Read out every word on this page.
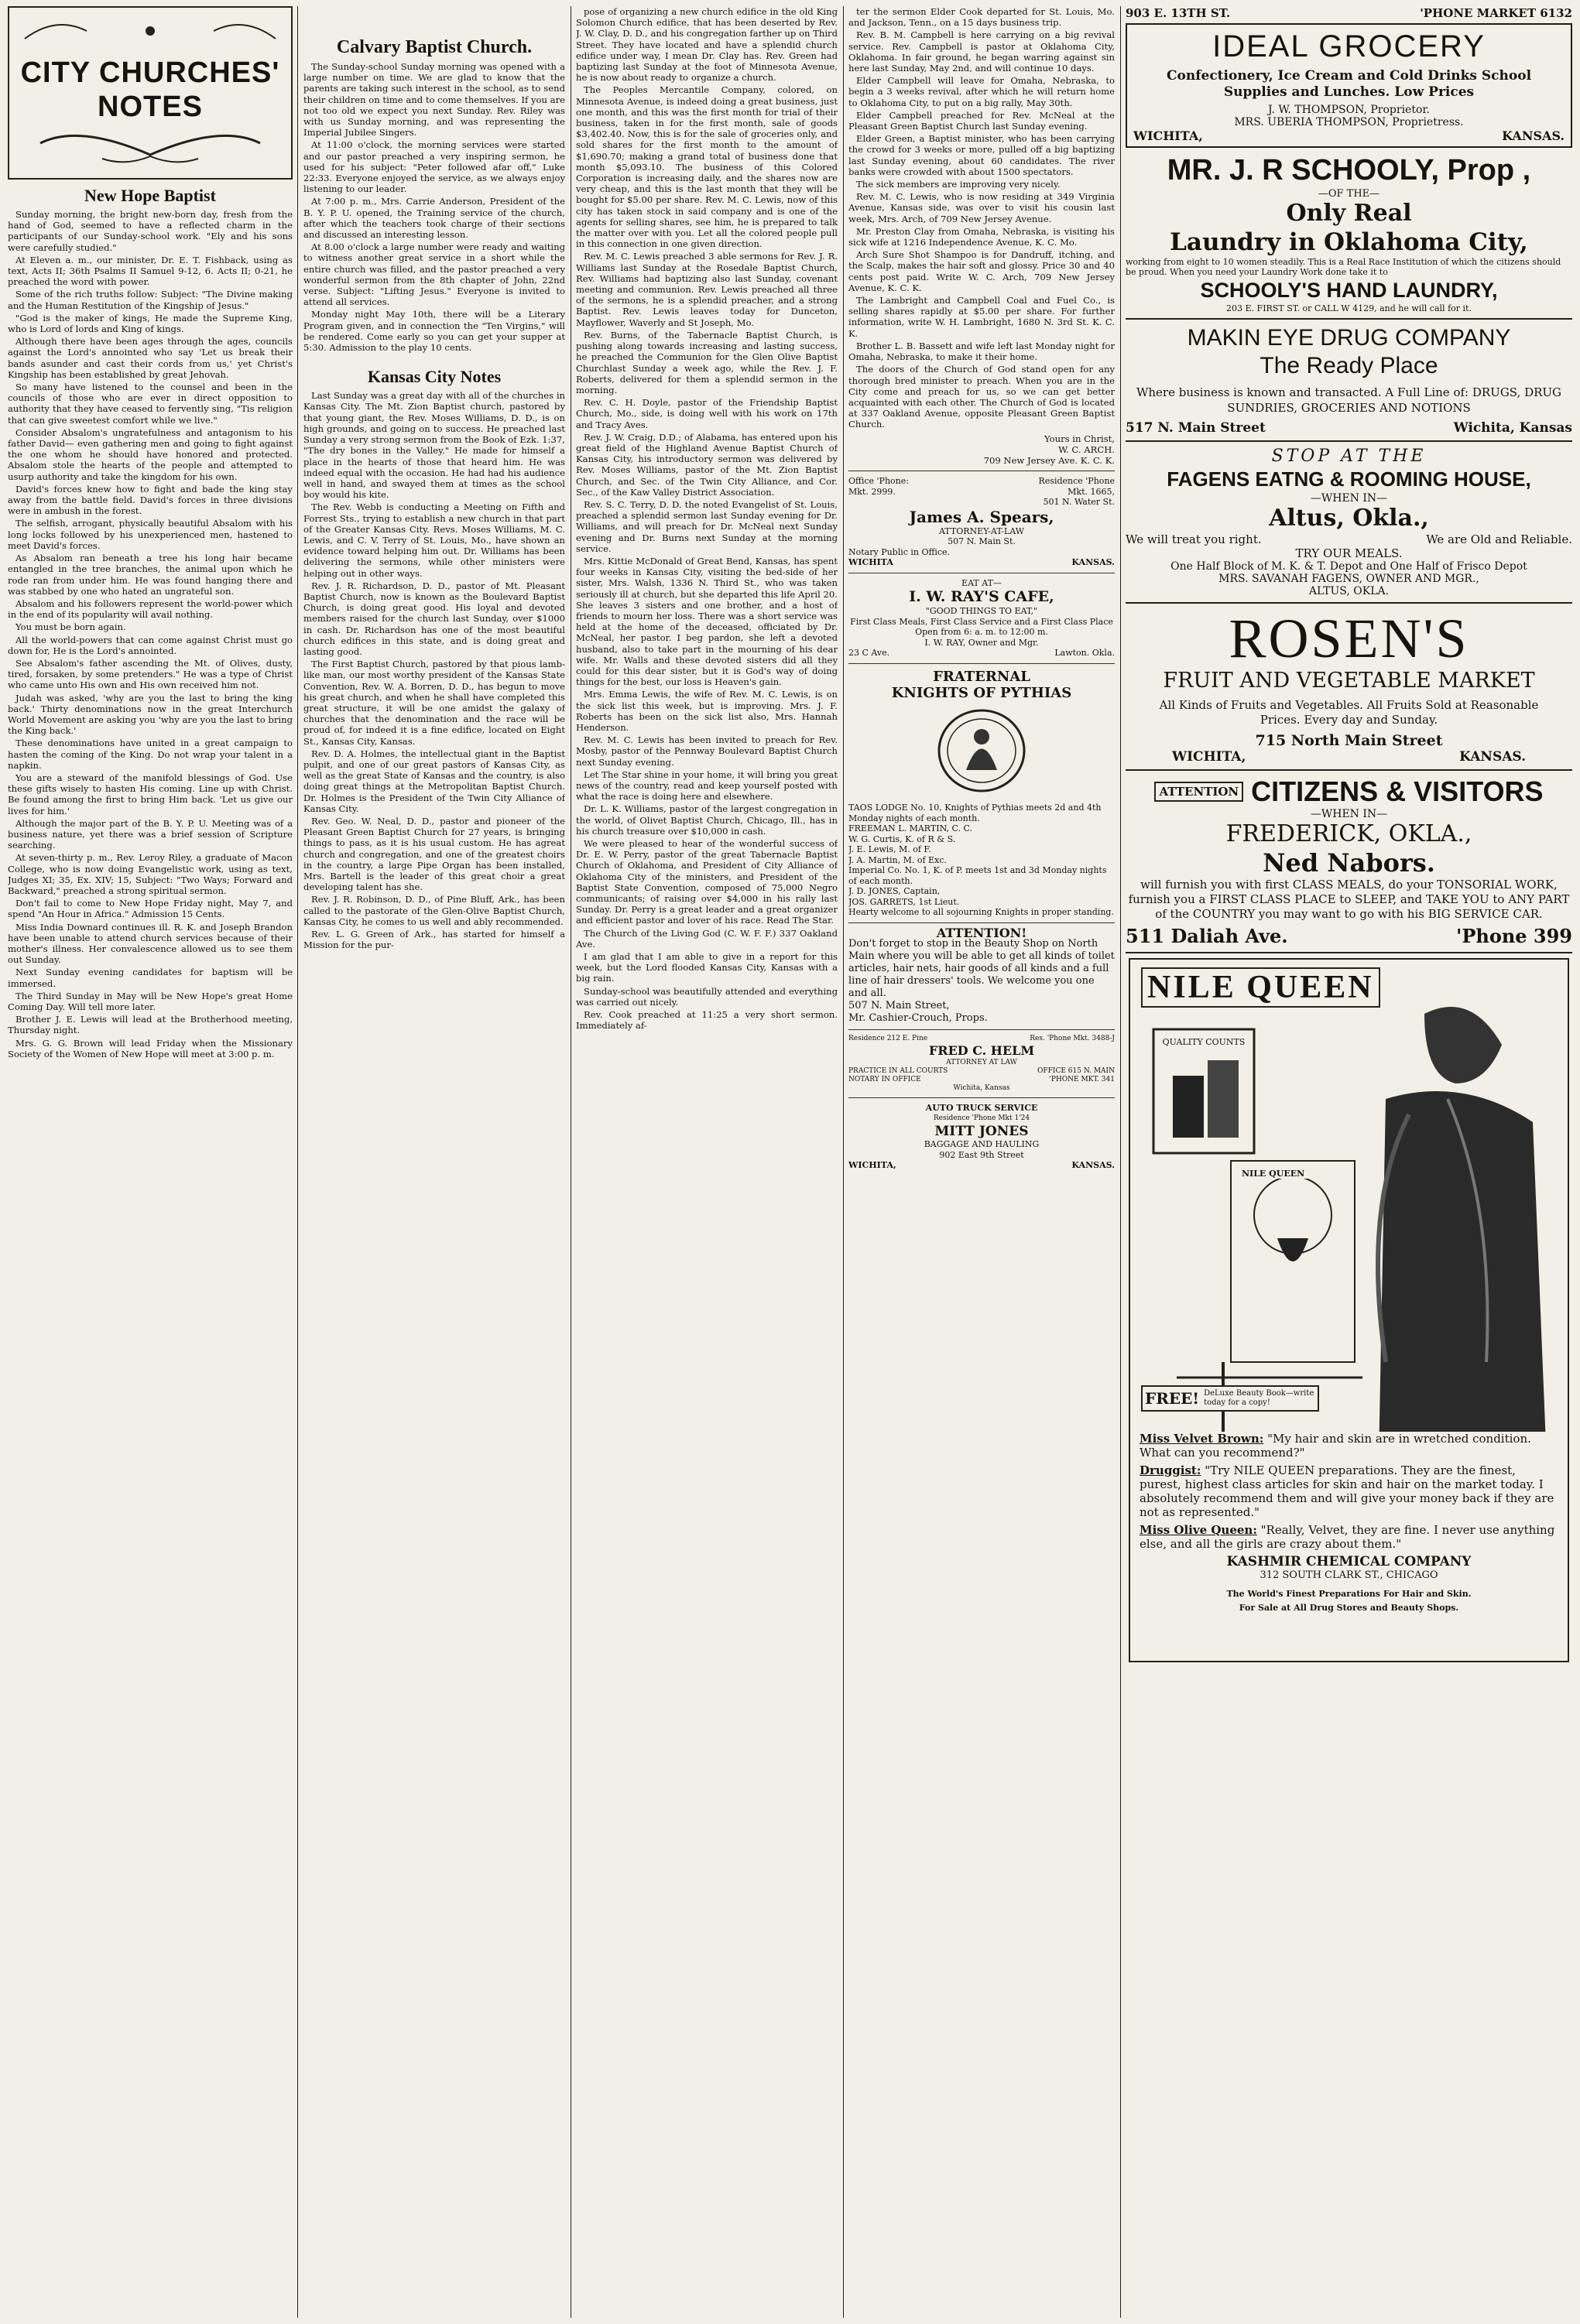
CITY CHURCHES' NOTES
New Hope Baptist

Sunday morning, the bright new-born day, fresh from the hand of God, seemed to have a reflected charm in the participants of our Sunday-school work. "Ely and his sons were carefully studied."

At Eleven a. m., our minister, Dr. E. T. Fishback, using as text, Acts II; 36th Psalms II Samuel 9-12, 6. Acts II; 0-21, he preached the word with power.

Some of the rich truths follow: Subject: "The Divine making and the Human Restitution of the Kingship of Jesus."

"God is the maker of kings, He made the Supreme King, who is Lord of lords and King of kings.

Although there have been ages through the ages, councils against the Lord's annointed who say 'Let us break their bands asunder and cast their cords from us,' yet Christ's Kingship has been established by great Jehovah.

So many have listened to the counsel and been in the councils of those who are ever in direct opposition to authority that they have ceased to fervently sing, "Tis religion that can give sweetest comfort while we live."

Consider Absalom's ungratefulness and antagonism to his father David— even gathering men and going to fight against the one whom he should have honored and protected. Absalom stole the hearts of the people and attempted to usurp authority and take the kingdom for his own.

David's forces knew how to fight and bade the king stay away from the battle field. David's forces in three divisions were in ambush in the forest.

The selfish, arrogant, physically beautiful Absalom with his long locks followed by his unexperienced men, hastened to meet David's forces.

As Absalom ran beneath a tree his long hair became entangled in the tree branches, the animal upon which he rode ran from under him. He was found hanging there and was stabbed by one who hated an ungrateful son.

Absalom and his followers represent the world-power which in the end of its popularity will avail nothing.

You must be born again.

All the world-powers that can come against Christ must go down for, He is the Lord's annointed.

See Absalom's father ascending the Mt. of Olives, dusty, tired, forsaken, by some pretenders." He was a type of Christ who came unto His own and His own received him not.

Judah was asked, 'why are you the last to bring the king back.' Thirty denominations now in the great Interchurch World Movement are asking you 'why are you the last to bring the King back.'

These denominations have united in a great campaign to hasten the coming of the King. Do not wrap your talent in a napkin.

You are a steward of the manifold blessings of God. Use these gifts wisely to hasten His coming. Line up with Christ. Be found among the first to bring Him back. 'Let us give our lives for him.'

Although the major part of the B. Y. P. U. Meeting was of a business nature, yet there was a brief session of Scripture searching.

At seven-thirty p. m., Rev. Leroy Riley, a graduate of Macon College, who is now doing Evangelistic work, using as text, Judges XI; 35, Ex. XIV; 15, Subject: "Two Ways; Forward and Backward," preached a strong spiritual sermon.

Don't fail to come to New Hope Friday night, May 7, and spend "An Hour in Africa." Admission 15 Cents.

Miss India Downard continues ill. R. K. and Joseph Brandon have been unable to attend church services because of their mother's illness. Her convalescence allowed us to see them out Sunday.

Next Sunday evening candidates for baptism will be immersed.

The Third Sunday in May will be New Hope's great Home Coming Day. Will tell more later.

Brother J. E. Lewis will lead at the Brotherhood meeting, Thursday night.

Mrs. G. G. Brown will lead Friday when the Missionary Society of the Women of New Hope will meet at 3:00 p. m.

Calvary Baptist Church.

The Sunday-school Sunday morning was opened with a large number on time. We are glad to know that the parents are taking such interest in the school, as to send their children on time and to come themselves. If you are not too old we expect you next Sunday. Rev. Riley was with us Sunday morning, and was representing the Imperial Jubilee Singers.

At 11:00 o'clock, the morning services were started and our pastor preached a very inspiring sermon, he used for his subject: "Peter followed afar off," Luke 22:33. Everyone enjoyed the service, as we always enjoy listening to our leader.

At 7:00 p. m., Mrs. Carrie Anderson, President of the B. Y. P. U. opened, the Training service of the church, after which the teachers took charge of their sections and discussed an interesting lesson.

At 8.00 o'clock a large number were ready and waiting to witness another great service in a short while the entire church was filled, and the pastor preached a very wonderful sermon from the 8th chapter of John, 22nd verse. Subject: "Lifting Jesus." Everyone is invited to attend all services.

Monday night May 10th, there will be a Literary Program given, and in connection the "Ten Virgins," will be rendered. Come early so you can get your supper at 5:30. Admission to the play 10 cents.

Kansas City Notes

Last Sunday was a great day with all of the churches in Kansas City. The Mt. Zion Baptist church, pastored by that young giant, the Rev. Moses Williams, D. D., is on high grounds, and going on to success. He preached last Sunday a very strong sermon from the Book of Ezk. 1:37, "The dry bones in the Valley." He made for himself a place in the hearts of those that heard him. He was indeed equal with the occasion. He had had his audience well in hand, and swayed them at times as the school boy would his kite.

The Rev. Webb is conducting a Meeting on Fifth and Forrest Sts., trying to establish a new church in that part of the Greater Kansas City. Revs. Moses Williams, M. C. Lewis, and C. V. Terry of St. Louis, Mo., have shown an evidence toward helping him out. Dr. Williams has been delivering the sermons, while other ministers were helping out in other ways.

Rev. J. R. Richardson, D. D., pastor of Mt. Pleasant Baptist Church, now is known as the Boulevard Baptist Church, is doing great good. His loyal and devoted members raised for the church last Sunday, over $1000 in cash. Dr. Richardson has one of the most beautiful church edifices in this state, and is doing great and lasting good.

The First Baptist Church, pastored by that pious lamb-like man, our most worthy president of the Kansas State Convention, Rev. W. A. Borren, D. D., has begun to move his great church, and when he shall have completed this great structure, it will be one amidst the galaxy of churches that the denomination and the race will be proud of, for indeed it is a fine edifice, located on Eight St., Kansas City, Kansas.

Rev. D. A. Holmes, the intellectual giant in the Baptist pulpit, and one of our great pastors of Kansas City, as well as the great State of Kansas and the country, is also doing great things at the Metropolitan Baptist Church. Dr. Holmes is the President of the Twin City Alliance of Kansas City.

Rev. Geo. W. Neal, D. D., pastor and pioneer of the Pleasant Green Baptist Church for 27 years, is bringing things to pass, as it is his usual custom. He has agreat church and congregation, and one of the greatest choirs in the country, a large Pipe Organ has been installed, Mrs. Bartell is the leader of this great choir a great developing talent has she.

Rev. J. R. Robinson, D. D., of Pine Bluff, Ark., has been called to the pastorate of the Glen-Olive Baptist Church, Kansas City, he comes to us well and ably recommended.

Rev. L. G. Green of Ark., has started for himself a Mission for the pur-

pose of organizing a new church edifice in the old King Solomon Church edifice, that has been deserted by Rev. J. W. Clay, D. D., and his congregation farther up on Third Street. They have located and have a splendid church edifice under way, I mean Dr. Clay has. Rev. Green had baptizing last Sunday at the foot of Minnesota Avenue, he is now about ready to organize a church.

The Peoples Mercantile Company, colored, on Minnesota Avenue, is indeed doing a great business, just one month, and this was the first month for trial of their business, taken in for the first month, sale of goods $3,402.40. Now, this is for the sale of groceries only, and sold shares for the first month to the amount of $1,690.70; making a grand total of business done that month $5,093.10. The business of this Colored Corporation is increasing daily, and the shares now are very cheap, and this is the last month that they will be bought for $5.00 per share. Rev. M. C. Lewis, now of this city has taken stock in said company and is one of the agents for selling shares, see him, he is prepared to talk the matter over with you. Let all the colored people pull in this connection in one given direction.

Rev. M. C. Lewis preached 3 able sermons for Rev. J. R. Williams last Sunday at the Rosedale Baptist Church, Rev. Williams had baptizing also last Sunday, covenant meeting and communion. Rev. Lewis preached all three of the sermons, he is a splendid preacher, and a strong Baptist. Rev. Lewis leaves today for Dunceton, Mayflower, Waverly and St Joseph, Mo.

Rev. Burns, of the Tabernacle Baptist Church, is pushing along towards increasing and lasting success, he preached the Communion for the Glen Olive Baptist Churchlast Sunday a week ago, while the Rev. J. F. Roberts, delivered for them a splendid sermon in the morning.

Rev. C. H. Doyle, pastor of the Friendship Baptist Church, Mo., side, is doing well with his work on 17th and Tracy Aves.

Rev. J. W. Craig, D.D.; of Alabama, has entered upon his great field of the Highland Avenue Baptist Church of Kansas City, his introductory sermon was delivered by Rev. Moses Williams, pastor of the Mt. Zion Baptist Church, and Sec. of the Twin City Alliance, and Cor. Sec., of the Kaw Valley District Association.

Rev. S. C. Terry, D. D. the noted Evangelist of St. Louis, preached a splendid sermon last Sunday evening for Dr. Williams, and will preach for Dr. McNeal next Sunday evening and Dr. Burns next Sunday at the morning service.

Mrs. Kittie McDonald of Great Bend, Kansas, has spent four weeks in Kansas City, visiting the bed-side of her sister, Mrs. Walsh, 1336 N. Third St., who was taken seriously ill at church, but she departed this life April 20. She leaves 3 sisters and one brother, and a host of friends to mourn her loss. There was a short service was held at the home of the deceased, officiated by Dr. McNeal, her pastor. I beg pardon, she left a devoted husband, also to take part in the mourning of his dear wife. Mr. Walls and these devoted sisters did all they could for this dear sister, but it is God's way of doing things for the best, our loss is Heaven's gain.

Mrs. Emma Lewis, the wife of Rev. M. C. Lewis, is on the sick list this week, but is improving. Mrs. J. F. Roberts has been on the sick list also, Mrs. Hannah Henderson.

Rev. M. C. Lewis has been invited to preach for Rev. Mosby, pastor of the Pennway Boulevard Baptist Church next Sunday evening.

Let The Star shine in your home, it will bring you great news of the country, read and keep yourself posted with what the race is doing here and elsewhere.

Dr. L. K. Williams, pastor of the largest congregation in the world, of Olivet Baptist Church, Chicago, Ill., has in his church treasure over $10,000 in cash.

We were pleased to hear of the wonderful success of Dr. E. W. Perry, pastor of the great Tabernacle Baptist Church of Oklahoma, and President of City Alliance of Oklahoma City of the ministers, and President of the Baptist State Convention, composed of 75,000 Negro communicants; of raising over $4,000 in his rally last Sunday. Dr. Perry is a great leader and a great organizer and efficient pastor and lover of his race. Read The Star.

The Church of the Living God (C. W. F. F.) 337 Oakland Ave.

I am glad that I am able to give in a report for this week, but the Lord flooded Kansas City, Kansas with a big rain.

Sunday-school was beautifully attended and everything was carried out nicely.

Rev. Cook preached at 11:25 a very short sermon. Immediately af-

ter the sermon Elder Cook departed for St. Louis, Mo. and Jackson, Tenn., on a 15 days business trip.

Rev. B. M. Campbell is here carrying on a big revival service. Rev. Campbell is pastor at Oklahoma City, Oklahoma. In fair ground, he began warring against sin here last Sunday, May 2nd, and will continue 10 days.

Elder Campbell will leave for Omaha, Nebraska, to begin a 3 weeks revival, after which he will return home to Oklahoma City, to put on a big rally, May 30th.

Elder Campbell preached for Rev. McNeal at the Pleasant Green Baptist Church last Sunday evening.

Elder Green, a Baptist minister, who has been carrying the crowd for 3 weeks or more, pulled off a big baptizing last Sunday evening, about 60 candidates. The river banks were crowded with about 1500 spectators.

The sick members are improving very nicely.

Rev. M. C. Lewis, who is now residing at 349 Virginia Avenue, Kansas side, was over to visit his cousin last week, Mrs. Arch, of 709 New Jersey Avenue.

Mr. Preston Clay from Omaha, Nebraska, is visiting his sick wife at 1216 Independence Avenue, K. C. Mo.

Arch Sure Shot Shampoo is for Dandruff, itching, and the Scalp, makes the hair soft and glossy. Price 30 and 40 cents post paid. Write W. C. Arch, 709 New Jersey Avenue, K. C. K.

The Lambright and Campbell Coal and Fuel Co., is selling shares rapidly at $5.00 per share. For further information, write W. H. Lambright, 1680 N. 3rd St. K. C. K.

Brother L. B. Bassett and wife left last Monday night for Omaha, Nebraska, to make it their home.

The doors of the Church of God stand open for any thorough bred minister to preach. When you are in the City come and preach for us, so we can get better acquainted with each other. The Church of God is located at 337 Oakland Avenue, opposite Pleasant Green Baptist Church.

Yours in Christ,
W. C. ARCH.
709 New Jersey Ave. K. C. K.
Office 'Phone:
Mkt. 2999.
Residence 'Phone
Mkt. 1665,
501 N. Water St.
James A. Spears,
ATTORNEY-AT-LAW
507 N. Main St.
Notary Public in Office.
WICHITA	KANSAS.
EAT AT—
I. W. RAY'S CAFE,
"GOOD THINGS TO EAT,"
First Class Meals, First Class Service and a First Class Place Open from 6: a. m. to 12:00 m.
I. W. RAY, Owner and Mgr.
23 C Ave.	Lawton. Okla.
FRATERNAL
KNIGHTS OF PYTHIAS
TAOS LODGE No. 10, Knights of Pythias meets 2d and 4th Monday nights of each month.
FREEMAN L. MARTIN, C. C.
W. G. Curtis, K. of R & S.
J. E. Lewis, M. of F.
J. A. Martin, M. of Exc.
Imperial Co. No. 1, K. of P. meets 1st and 3d Monday nights of each month.
J. D. JONES, Captain,
JOS. GARRETS, 1st Lieut.
Hearty welcome to all sojourning Knights in proper standing.
ATTENTION!
Don't forget to stop in the Beauty Shop on North Main where you will be able to get all kinds of toilet articles, hair nets, hair goods of all kinds and a full line of hair dressers' tools. We welcome you one and all.
507 N. Main Street,
Mr. Cashier-Crouch, Props.
Residence 212 E. Pine	Res. 'Phone Mkt. 3488-J
FRED C. HELM
ATTORNEY AT LAW
PRACTICE IN ALL COURTS
NOTARY IN OFFICE
OFFICE 615 N. MAIN
'PHONE MKT. 341
Wichita, Kansas
AUTO TRUCK SERVICE
Residence 'Phone Mkt 1'24
MITT JONES
BAGGAGE AND HAULING
902 East 9th Street
WICHITA,	KANSAS.
903 E. 13TH ST.	'PHONE MARKET 6132
IDEAL GROCERY
Confectionery, Ice Cream and Cold Drinks School Supplies and Lunches. Low Prices
J. W. THOMPSON, Proprietor.
MRS. UBERIA THOMPSON, Proprietress.
WICHITA,	KANSAS.
MR. J. R SCHOOLY, Prop ,
—OF THE—
Only Real
Laundry in Oklahoma City,
working from eight to 10 women steadily. This is a Real Race Institution of which the citizens should be proud. When you need your Laundry Work done take it to
SCHOOLY'S HAND LAUNDRY,
203 E. FIRST ST. or CALL W 4129, and he will call for it.
MAKIN EYE DRUG COMPANY
The Ready Place
Where business is known and transacted. A Full Line of: DRUGS, DRUG SUNDRIES, GROCERIES AND NOTIONS
517 N. Main Street	Wichita, Kansas
STOP AT THE
FAGENS EATNG & ROOMING HOUSE,
—WHEN IN—
Altus, Okla.,
We will treat you right.	We are Old and Reliable.
TRY OUR MEALS.
One Half Block of M. K. & T. Depot and One Half of Frisco Depot
MRS. SAVANAH FAGENS, OWNER AND MGR.,
ALTUS, OKLA.
ROSEN'S
FRUIT AND VEGETABLE MARKET
All Kinds of Fruits and Vegetables. All Fruits Sold at Reasonable Prices. Every day and Sunday.
715 North Main Street
WICHITA,	KANSAS.
ATTENTION CITIZENS & VISITORS
—WHEN IN—
FREDERICK, OKLA.,
Ned Nabors.
will furnish you with first CLASS MEALS, do your TONSORIAL WORK, furnish you a FIRST CLASS PLACE to SLEEP, and TAKE YOU to ANY PART of the COUNTRY you may want to go with his BIG SERVICE CAR.
511 Daliah Ave.	'Phone 399
NILE QUEEN
QUALITY COUNTS
NILE QUEEN
FREE! DeLuxe Beauty Book—write today for a copy!
Miss Velvet Brown: "My hair and skin are in wretched condition. What can you recommend?"
Druggist: "Try NILE QUEEN preparations. They are the finest, purest, highest class articles for skin and hair on the market today. I absolutely recommend them and will give your money back if they are not as represented."
Miss Olive Queen: "Really, Velvet, they are fine. I never use anything else, and all the girls are crazy about them."
KASHMIR CHEMICAL COMPANY
312 SOUTH CLARK ST., CHICAGO
The World's Finest Preparations For Hair and Skin.
For Sale at All Drug Stores and Beauty Shops.
